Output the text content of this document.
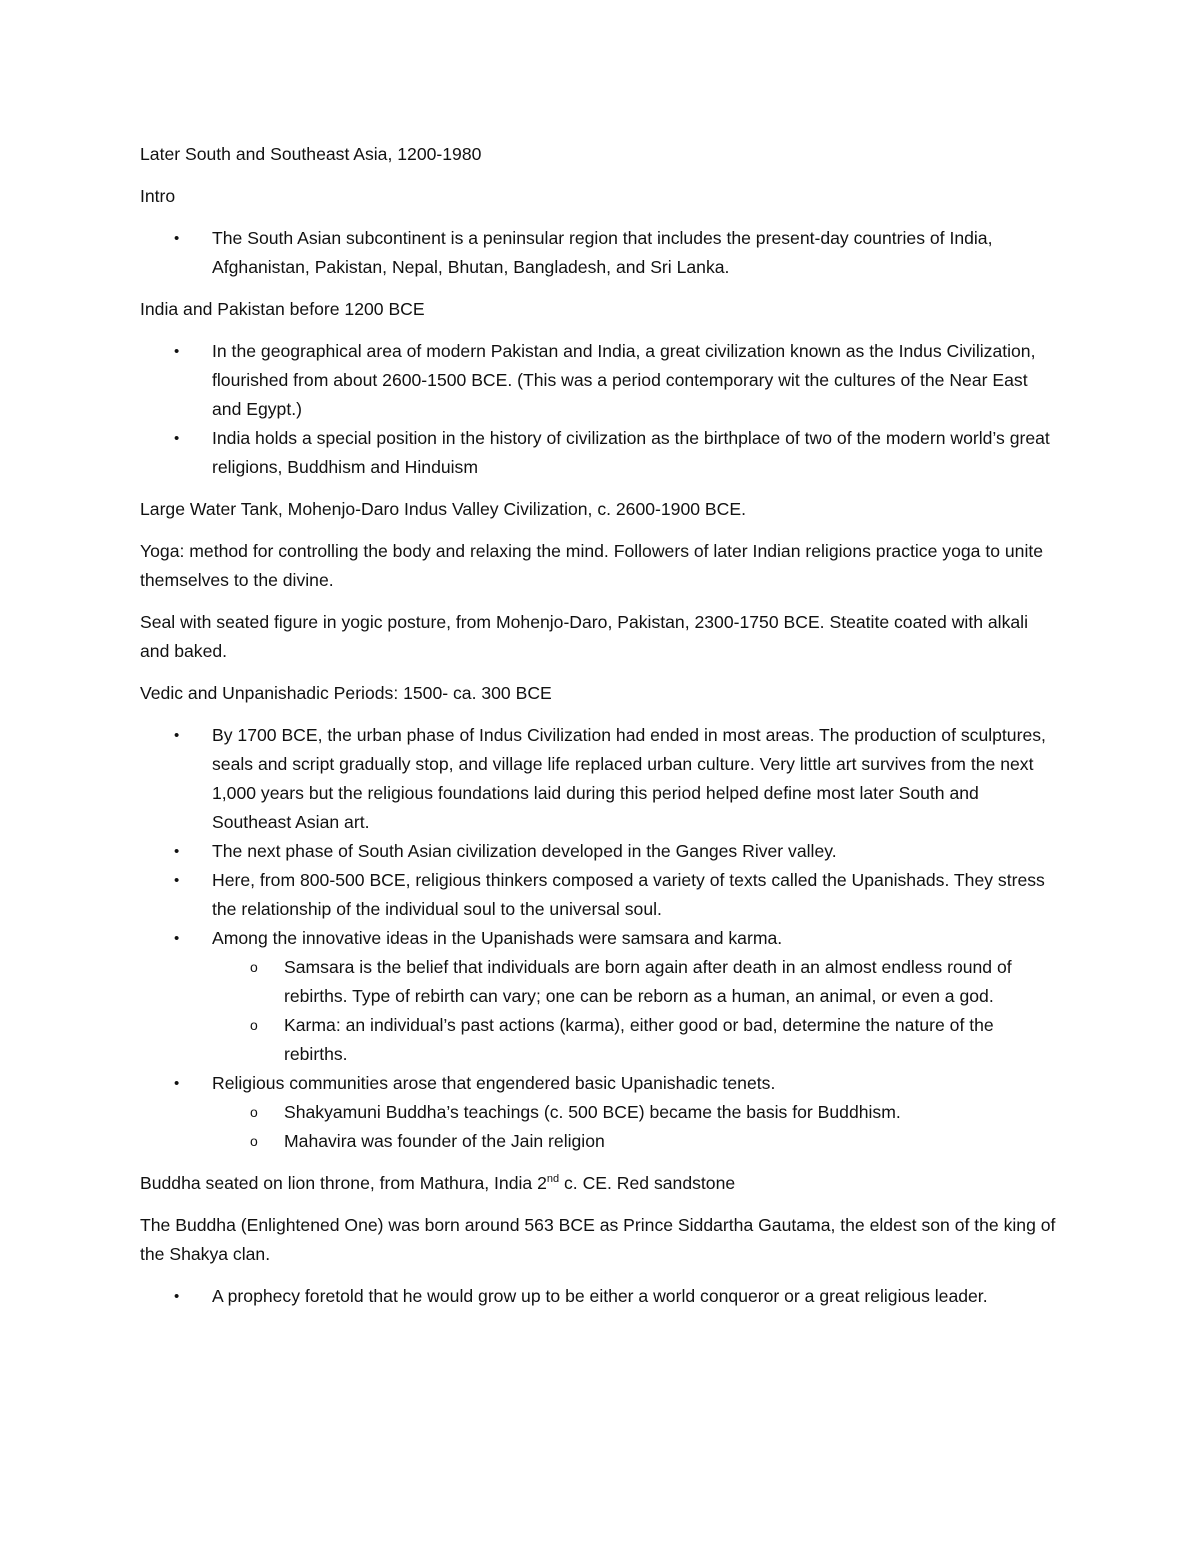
Later South and Southeast Asia, 1200-1980

Intro

• The South Asian subcontinent is a peninsular region that includes the present-day countries of India, Afghanistan, Pakistan, Nepal, Bhutan, Bangladesh, and Sri Lanka.

India and Pakistan before 1200 BCE

• In the geographical area of modern Pakistan and India, a great civilization known as the Indus Civilization, flourished from about 2600-1500 BCE. (This was a period contemporary wit the cultures of the Near East and Egypt.)
• India holds a special position in the history of civilization as the birthplace of two of the modern world’s great religions, Buddhism and Hinduism

Large Water Tank, Mohenjo-Daro Indus Valley Civilization, c. 2600-1900 BCE.

Yoga: method for controlling the body and relaxing the mind. Followers of later Indian religions practice yoga to unite themselves to the divine.

Seal with seated figure in yogic posture, from Mohenjo-Daro, Pakistan, 2300-1750 BCE. Steatite coated with alkali and baked.

Vedic and Unpanishadic Periods: 1500- ca. 300 BCE

• By 1700 BCE, the urban phase of Indus Civilization had ended in most areas. The production of sculptures, seals and script gradually stop, and village life replaced urban culture. Very little art survives from the next 1,000 years but the religious foundations laid during this period helped define most later South and Southeast Asian art.
• The next phase of South Asian civilization developed in the Ganges River valley.
• Here, from 800-500 BCE, religious thinkers composed a variety of texts called the Upanishads. They stress the relationship of the individual soul to the universal soul.
• Among the innovative ideas in the Upanishads were samsara and karma.
o Samsara is the belief that individuals are born again after death in an almost endless round of rebirths. Type of rebirth can vary; one can be reborn as a human, an animal, or even a god.
o Karma: an individual’s past actions (karma), either good or bad, determine the nature of the rebirths.
• Religious communities arose that engendered basic Upanishadic tenets.
o Shakyamuni Buddha’s teachings (c. 500 BCE) became the basis for Buddhism.
o Mahavira was founder of the Jain religion

Buddha seated on lion throne, from Mathura, India 2nd c. CE. Red sandstone

The Buddha (Enlightened One) was born around 563 BCE as Prince Siddartha Gautama, the eldest son of the king of the Shakya clan.

• A prophecy foretold that he would grow up to be either a world conqueror or a great religious leader.
